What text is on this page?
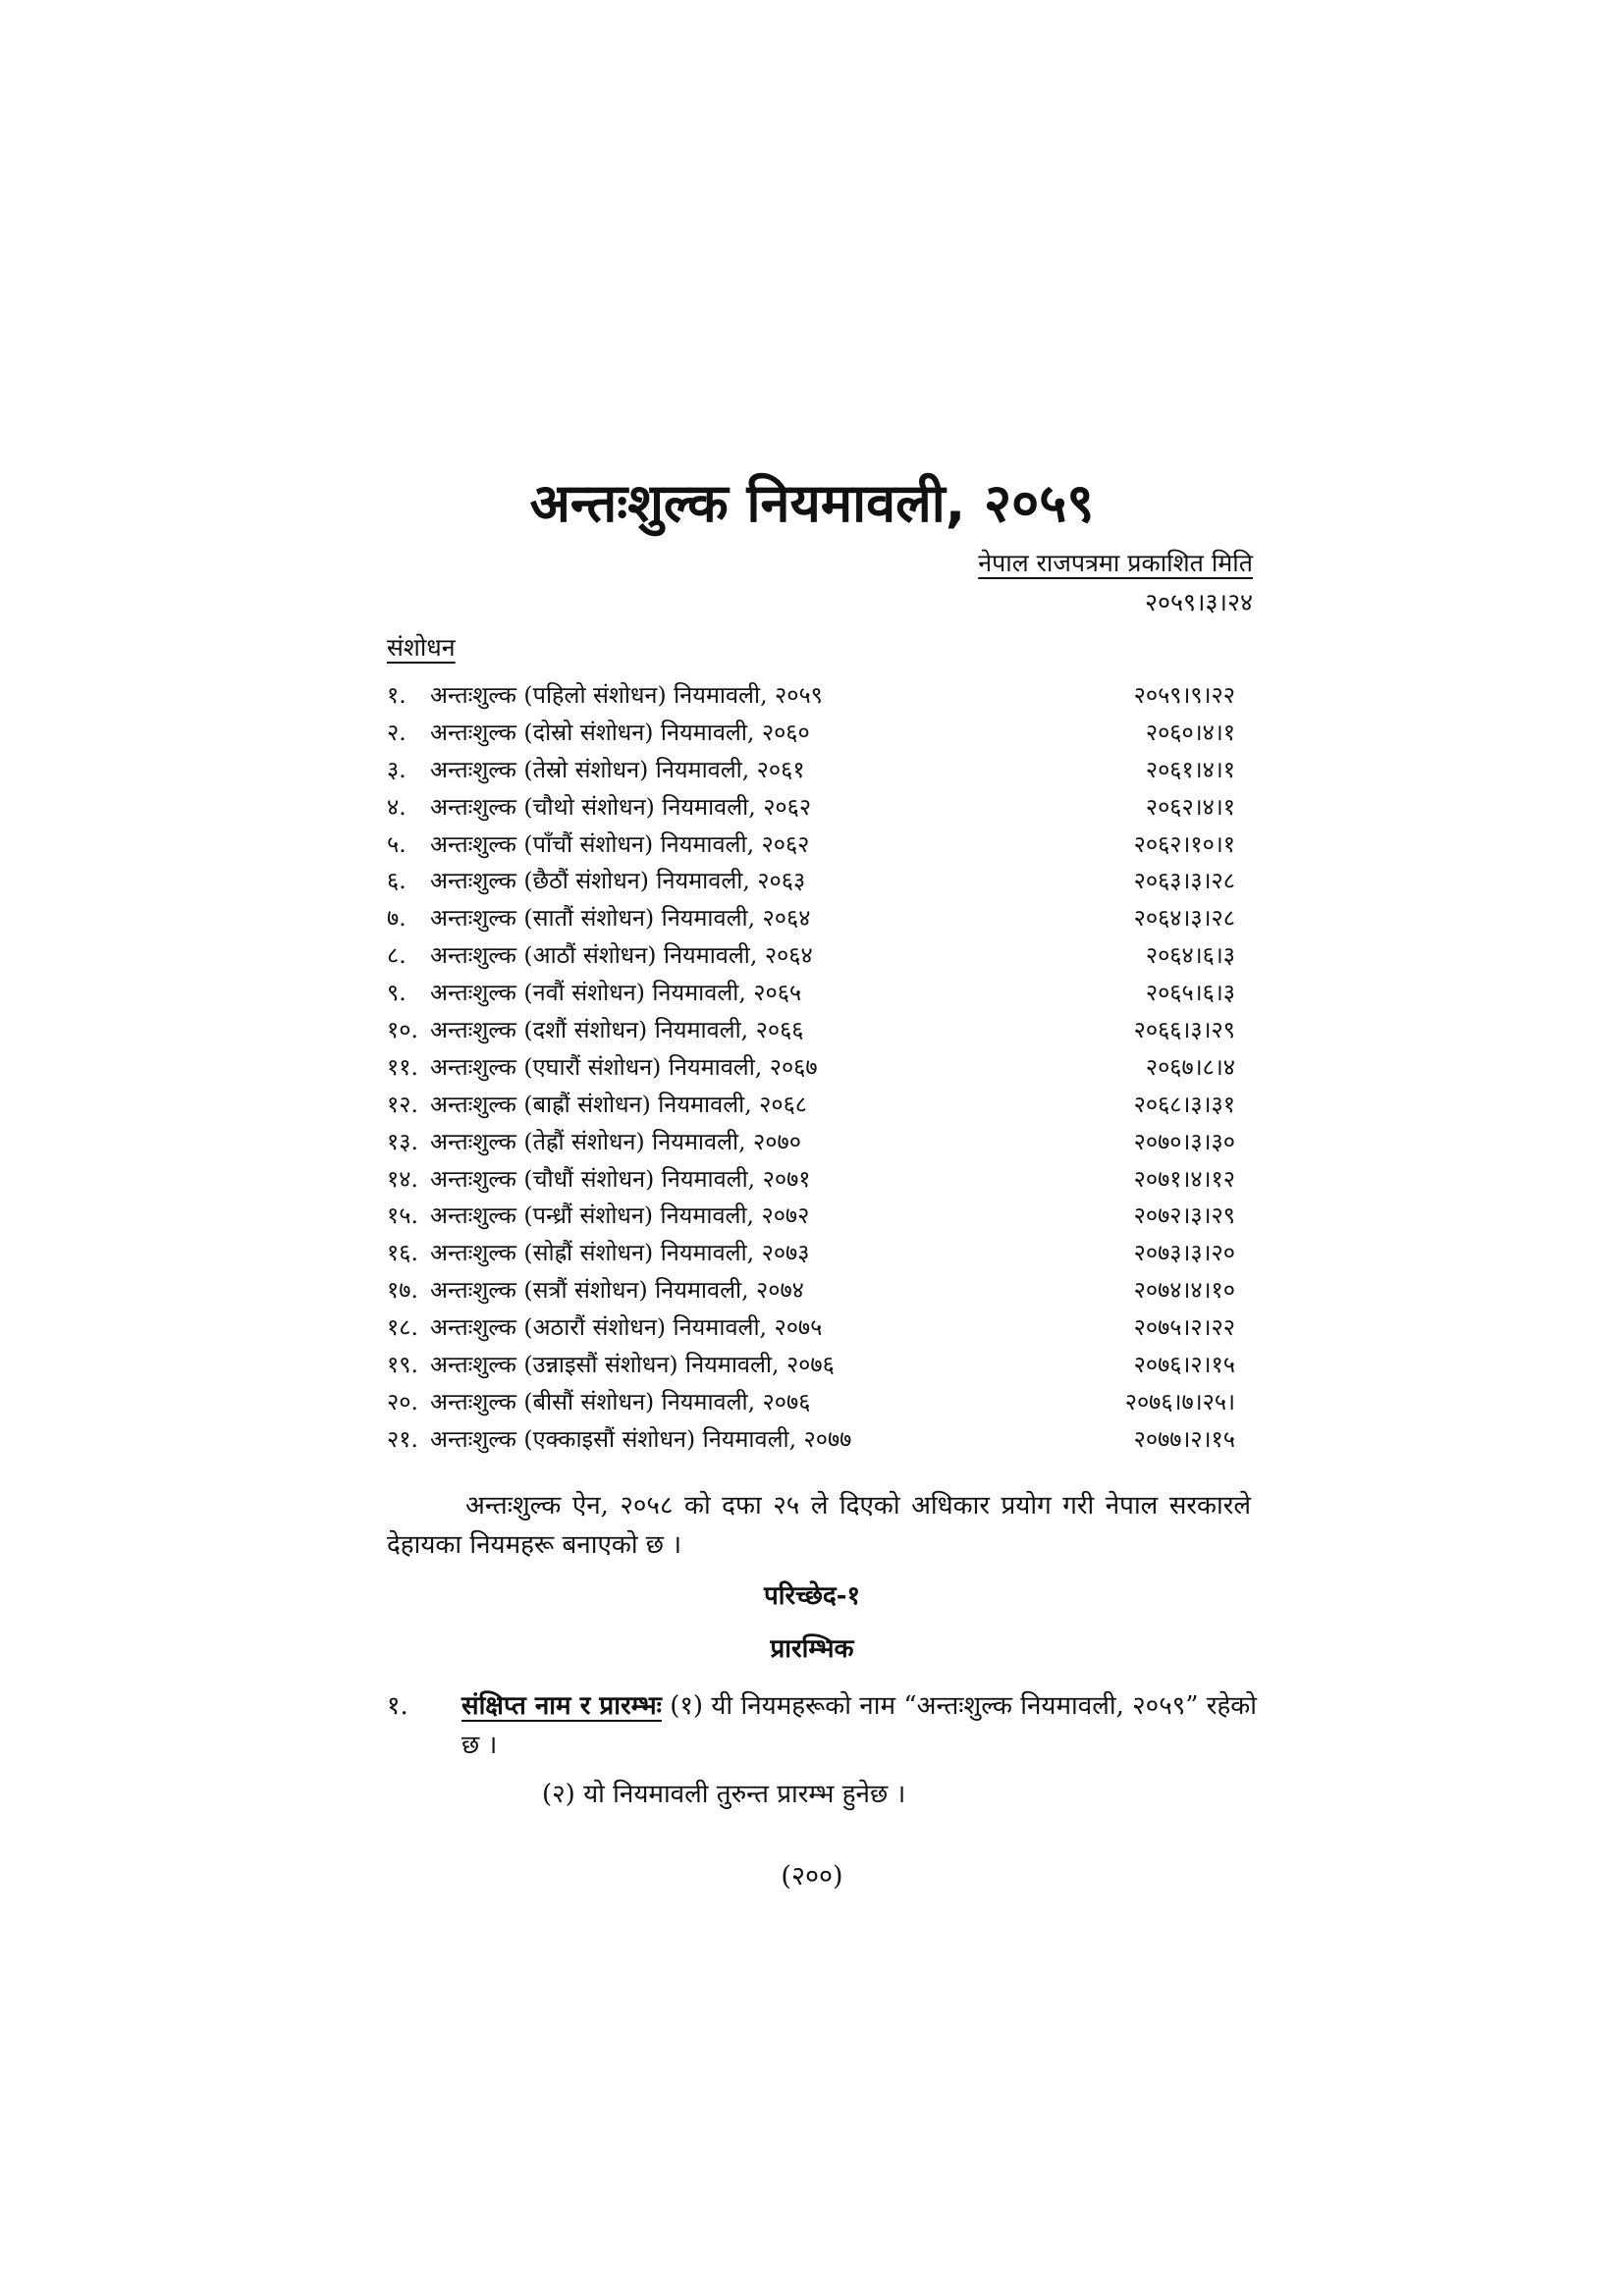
अन्तःशुल्क नियमावली, २०५९
नेपाल राजपत्रमा प्रकाशित मिति
२०५९।३।२४
संशोधन
१.	अन्तःशुल्क (पहिलो संशोधन) नियमावली, २०५९	२०५९।९।२२
२.	अन्तःशुल्क (दोस्रो संशोधन) नियमावली, २०६०	२०६०।४।१
३.	अन्तःशुल्क (तेस्रो संशोधन) नियमावली, २०६१	२०६१।४।१
४.	अन्तःशुल्क (चौथो संशोधन) नियमावली, २०६२	२०६२।४।१
५.	अन्तःशुल्क (पाँचौं संशोधन) नियमावली, २०६२	२०६२।१०।१
६.	अन्तःशुल्क (छैठौं संशोधन) नियमावली, २०६३	२०६३।३।२८
७.	अन्तःशुल्क (सातौं संशोधन) नियमावली, २०६४	२०६४।३।२८
८.	अन्तःशुल्क (आठौं संशोधन) नियमावली, २०६४	२०६४।६।३
९.	अन्तःशुल्क (नवौं संशोधन) नियमावली, २०६५	२०६५।६।३
१०. अन्तःशुल्क (दशौं संशोधन) नियमावली, २०६६	२०६६।३।२९
११. अन्तःशुल्क (एघारौं संशोधन) नियमावली, २०६७	२०६७।८।४
१२. अन्तःशुल्क (बाह्रौं संशोधन) नियमावली, २०६८	२०६८।३।३१
१३. अन्तःशुल्क (तेह्रौं संशोधन) नियमावली, २०७०	२०७०।३।३०
१४. अन्तःशुल्क (चौधौं संशोधन) नियमावली, २०७१	२०७१।४।१२
१५. अन्तःशुल्क (पन्ध्रौं संशोधन) नियमावली, २०७२	२०७२।३।२९
१६. अन्तःशुल्क (सोह्रौं संशोधन) नियमावली, २०७३	२०७३।३।२०
१७. अन्तःशुल्क (सत्रौं संशोधन) नियमावली, २०७४	२०७४।४।१०
१८. अन्तःशुल्क (अठारौं संशोधन) नियमावली, २०७५	२०७५।२।२२
१९. अन्तःशुल्क (उन्नाइसौं संशोधन) नियमावली, २०७६	२०७६।२।१५
२०. अन्तःशुल्क (बीसौं संशोधन) नियमावली, २०७६	२०७६।७।२५।
२१. अन्तःशुल्क (एक्काइसौं संशोधन) नियमावली, २०७७	२०७७।२।१५
अन्तःशुल्क ऐन, २०५८ को दफा २५ ले दिएको अधिकार प्रयोग गरी नेपाल सरकारले देहायका नियमहरू बनाएको छ ।
परिच्छेद-१
प्रारम्भिक
१. संक्षिप्त नाम र प्रारम्भः (१) यी नियमहरूको नाम “अन्तःशुल्क नियमावली, २०५९” रहेको छ ।
(२) यो नियमावली तुरुन्त प्रारम्भ हुनेछ ।
(२००)
